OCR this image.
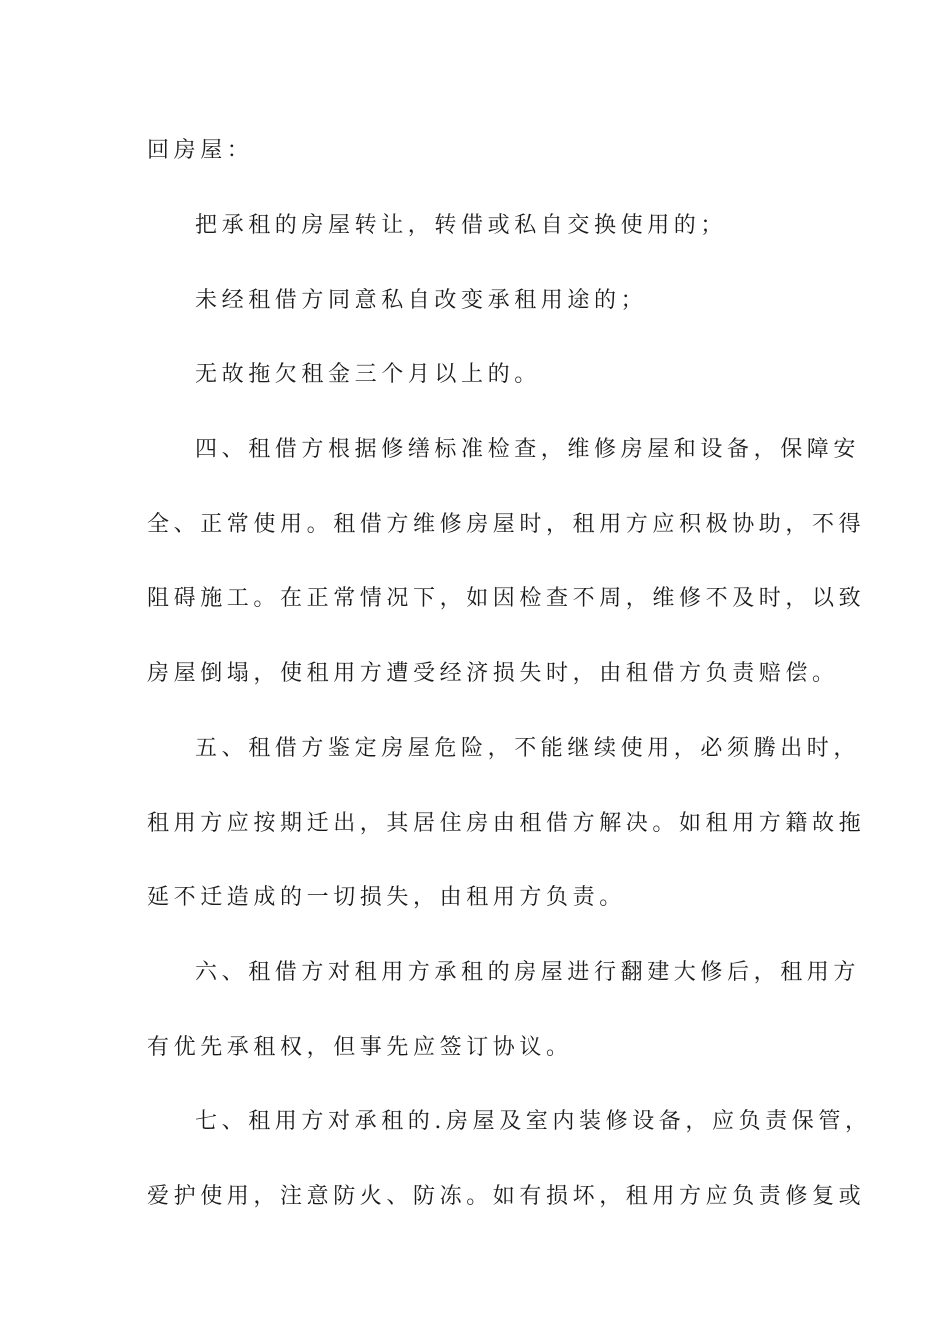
回房屋：
把承租的房屋转让，转借或私自交换使用的；
未经租借方同意私自改变承租用途的；
无故拖欠租金三个月以上的。
四、租借方根据修缮标准检查，维修房屋和设备，保障安
全、正常使用。租借方维修房屋时，租用方应积极协助，不得
阻碍施工。在正常情况下，如因检查不周，维修不及时，以致
房屋倒塌，使租用方遭受经济损失时，由租借方负责赔偿。
五、租借方鉴定房屋危险，不能继续使用，必须腾出时，
租用方应按期迁出，其居住房由租借方解决。如租用方籍故拖
延不迁造成的一切损失，由租用方负责。
六、租借方对租用方承租的房屋进行翻建大修后，租用方
有优先承租权，但事先应签订协议。
七、租用方对承租的.房屋及室内装修设备，应负责保管，
爱护使用，注意防火、防冻。如有损坏，租用方应负责修复或
